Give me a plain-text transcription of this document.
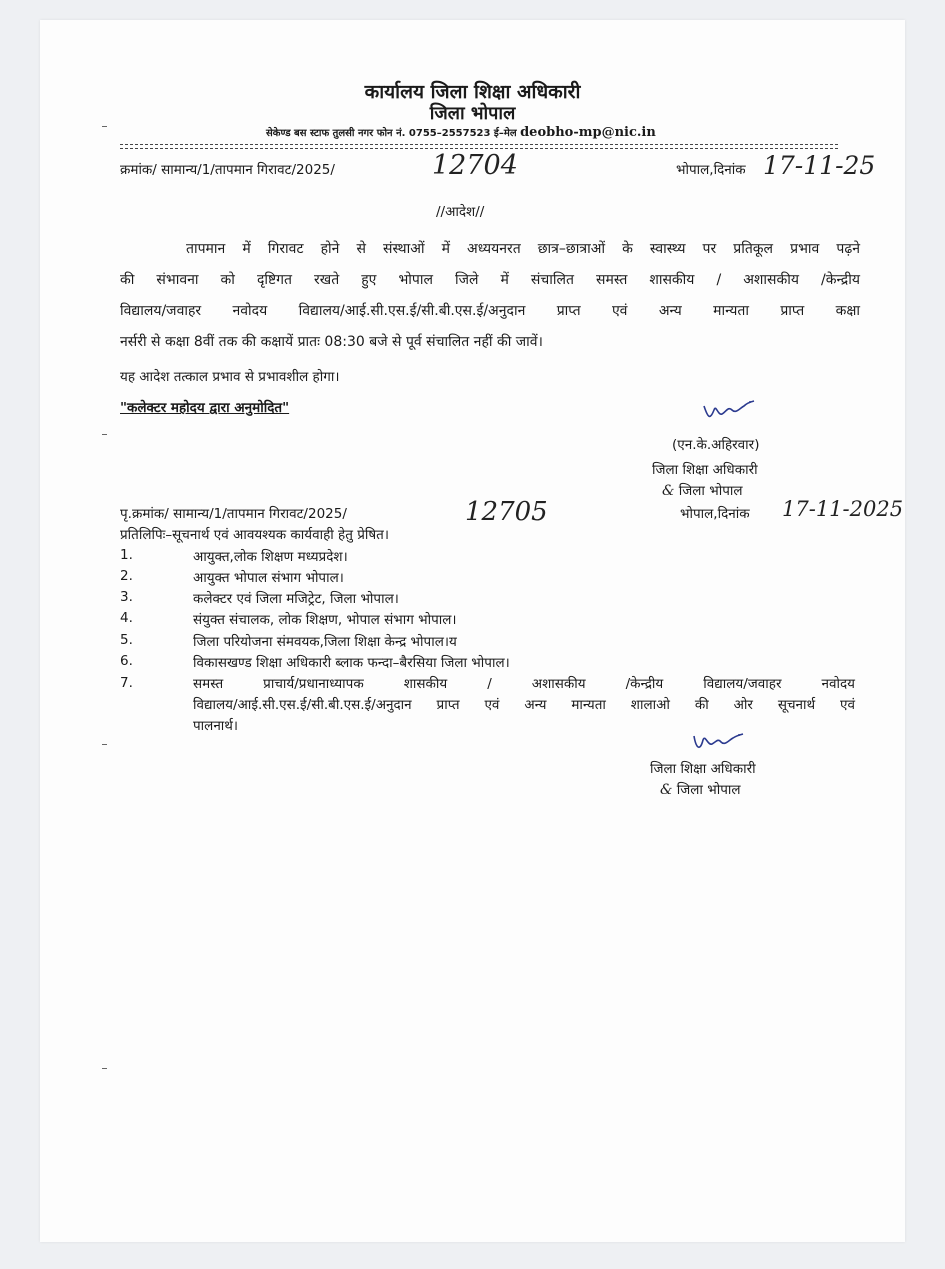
कार्यालय जिला शिक्षा अधिकारी
जिला भोपाल
सेकेण्ड बस स्टाफ तुलसी नगर फोन नं. 0755–2557523 ई–मेल deobho-mp@nic.in
क्रमांक/ सामान्य/1/तापमान गिरावट/2025/	12704	भोपाल,दिनांक 17-11-25
//आदेश//

तापमान में गिरावट होने से संस्थाओं में अध्ययनरत छात्र–छात्राओं के स्वास्थ्य पर प्रतिकूल प्रभाव पढ़ने

की संभावना को दृष्टिगत रखते हुए भोपाल जिले में संचालित समस्त शासकीय / अशासकीय /केन्द्रीय

विद्यालय/जवाहर नवोदय विद्यालय/आई.सी.एस.ई/सी.बी.एस.ई/अनुदान प्राप्त एवं अन्य मान्यता प्राप्त कक्षा

नर्सरी से कक्षा 8वीं तक की कक्षायें प्रातः 08:30 बजे से पूर्व संचालित नहीं की जावें।

यह आदेश तत्काल प्रभाव से प्रभावशील होगा।
"कलेक्टर महोदय द्वारा अनुमोदित"
(एन.के.अहिरवार)
जिला शिक्षा अधिकारी
& जिला भोपाल
पृ.क्रमांक/ सामान्य/1/तापमान गिरावट/2025/	12705	भोपाल,दिनांक 17-11-2025
प्रतिलिपिः–सूचनार्थ एवं आवयश्यक कार्यवाही हेतु प्रेषित।
1.	आयुक्त,लोक शिक्षण मध्यप्रदेश।
2.	आयुक्त भोपाल संभाग भोपाल।
3.	कलेक्टर एवं जिला मजिट्रेट, जिला भोपाल।
4.	संयुक्त संचालक, लोक शिक्षण, भोपाल संभाग भोपाल।
5.	जिला परियोजना संमवयक,जिला शिक्षा केन्द्र भोपाल।य
6.	विकासखण्ड शिक्षा अधिकारी ब्लाक फन्दा–बैरसिया जिला भोपाल।
7.	समस्त प्राचार्य/प्रधानाध्यापक शासकीय / अशासकीय /केन्द्रीय विद्यालय/जवाहर नवोदय

विद्यालय/आई.सी.एस.ई/सी.बी.एस.ई/अनुदान प्राप्त एवं अन्य मान्यता शालाओ की ओर सूचनार्थ एवं

पालनार्थ।

जिला शिक्षा अधिकारी
& जिला भोपाल
